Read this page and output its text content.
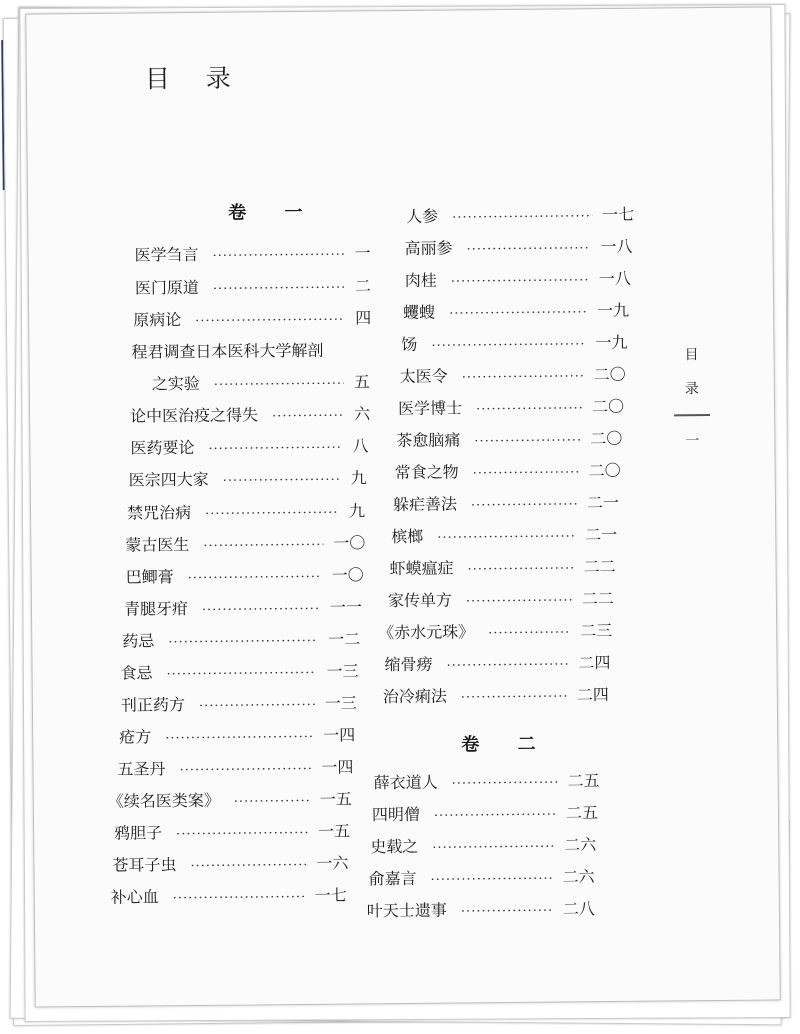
目 录
卷 一
医学刍言 ·····	一
医门原道 ·····	二
原病论 ·····	四
程君调查日本医科大学解剖
之实验 ·····	五
论中医治疫之得失 ·····	六
医药要论 ·····	八
医宗四大家 ·····	九
禁咒治病 ·····	九
蒙古医生 ·····	一〇
巴鲫膏 ·····	一〇
青腿牙疳 ·····	一一
药忌 ·····	一二
食忌 ·····	一三
刊正药方 ·····	一三
疮方 ·····	一四
五圣丹 ·····	一四
《续名医类案》 ·····	一五
鸦胆子 ·····	一五
苍耳子虫 ·····	一六
补心血 ·····	一七
人参 ·····	一七
高丽参 ·····	一八
肉桂 ·····	一八
蠼螋 ·····	一九
饧 ·····	一九
太医令 ·····	二〇
医学博士 ·····	二〇
茶愈脑痛 ·····	二〇
常食之物 ·····	二〇
躲疟善法 ·····	二一
槟榔 ·····	二一
虾蟆瘟症 ·····	二二
家传单方 ·····	二二
《赤水元珠》 ·····	二三
缩骨痨 ·····	二四
治冷痢法 ·····	二四
卷 二
薛衣道人 ·····	二五
四明僧 ·····	二五
史载之 ·····	二六
俞嘉言 ·····	二六
叶天士遗事 ·····	二八
目
录
一
